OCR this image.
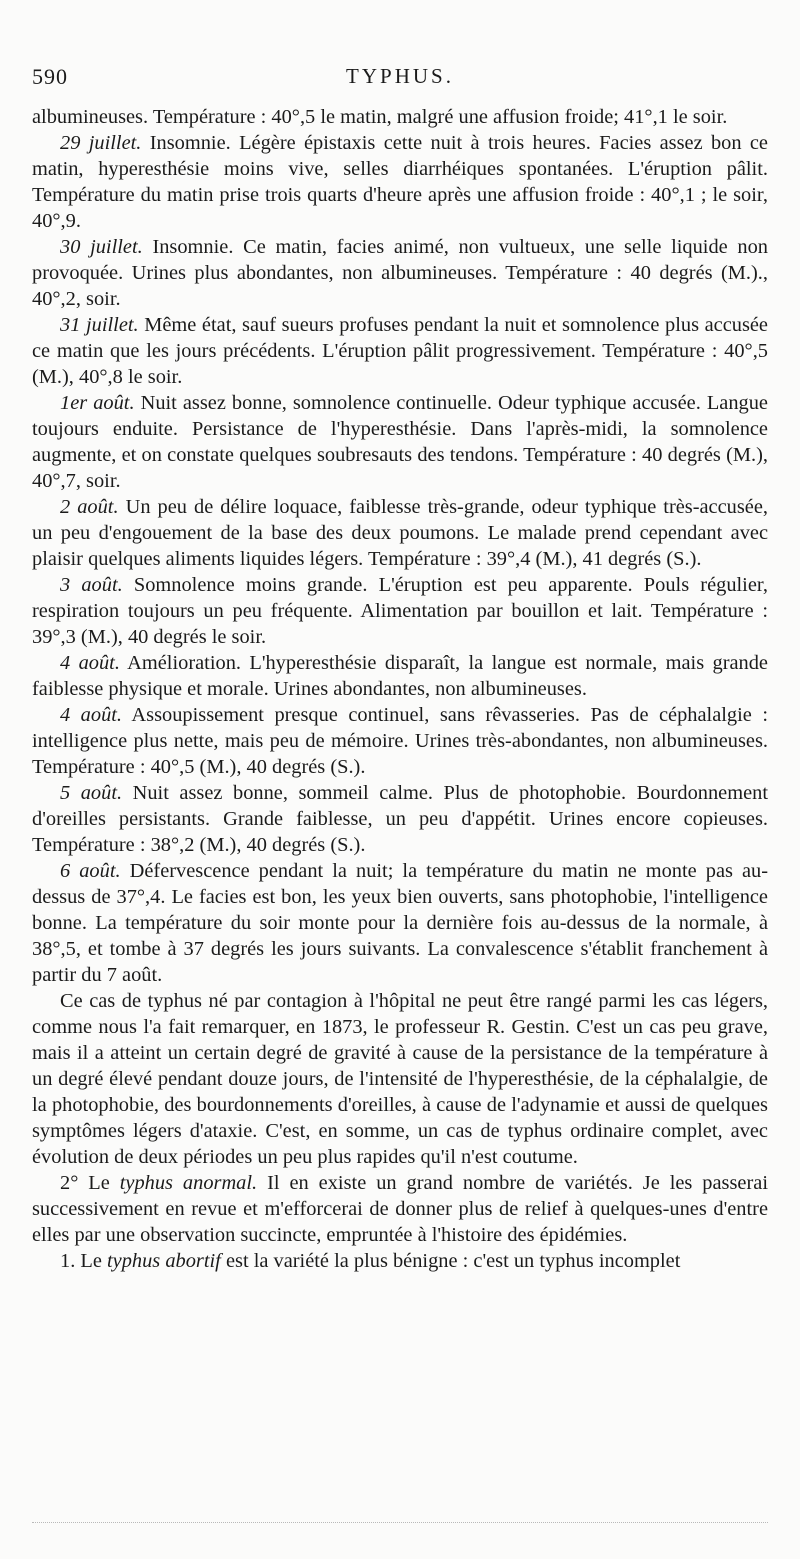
590	TYPHUS.

albumineuses. Température : 40°,5 le matin, malgré une affusion froide; 41°,1 le soir.

29 juillet. Insomnie. Légère épistaxis cette nuit à trois heures. Facies assez bon ce matin, hyperesthésie moins vive, selles diarrhéiques spontanées. L'éruption pâlit. Température du matin prise trois quarts d'heure après une affusion froide : 40°,1 ; le soir, 40°,9.

30 juillet. Insomnie. Ce matin, facies animé, non vultueux, une selle liquide non provoquée. Urines plus abondantes, non albumineuses. Température : 40 degrés (M.)., 40°,2, soir.

31 juillet. Même état, sauf sueurs profuses pendant la nuit et somnolence plus accusée ce matin que les jours précédents. L'éruption pâlit progressivement. Température : 40°,5 (M.), 40°,8 le soir.

1er août. Nuit assez bonne, somnolence continuelle. Odeur typhique accusée. Langue toujours enduite. Persistance de l'hyperesthésie. Dans l'après-midi, la somnolence augmente, et on constate quelques soubresauts des tendons. Température : 40 degrés (M.), 40°,7, soir.

2 août. Un peu de délire loquace, faiblesse très-grande, odeur typhique très-accusée, un peu d'engouement de la base des deux poumons. Le malade prend cependant avec plaisir quelques aliments liquides légers. Température : 39°,4 (M.), 41 degrés (S.).

3 août. Somnolence moins grande. L'éruption est peu apparente. Pouls régulier, respiration toujours un peu fréquente. Alimentation par bouillon et lait. Température : 39°,3 (M.), 40 degrés le soir.

4 août. Amélioration. L'hyperesthésie disparaît, la langue est normale, mais grande faiblesse physique et morale. Urines abondantes, non albumineuses.

4 août. Assoupissement presque continuel, sans rêvasseries. Pas de céphalalgie : intelligence plus nette, mais peu de mémoire. Urines très-abondantes, non albumineuses. Température : 40°,5 (M.), 40 degrés (S.).

5 août. Nuit assez bonne, sommeil calme. Plus de photophobie. Bourdonnement d'oreilles persistants. Grande faiblesse, un peu d'appétit. Urines encore copieuses. Température : 38°,2 (M.), 40 degrés (S.).

6 août. Défervescence pendant la nuit; la température du matin ne monte pas au-dessus de 37°,4. Le facies est bon, les yeux bien ouverts, sans photophobie, l'intelligence bonne. La température du soir monte pour la dernière fois au-dessus de la normale, à 38°,5, et tombe à 37 degrés les jours suivants. La convalescence s'établit franchement à partir du 7 août.

Ce cas de typhus né par contagion à l'hôpital ne peut être rangé parmi les cas légers, comme nous l'a fait remarquer, en 1873, le professeur R. Gestin. C'est un cas peu grave, mais il a atteint un certain degré de gravité à cause de la persistance de la température à un degré élevé pendant douze jours, de l'intensité de l'hyperesthésie, de la céphalalgie, de la photophobie, des bourdonnements d'oreilles, à cause de l'adynamie et aussi de quelques symptômes légers d'ataxie. C'est, en somme, un cas de typhus ordinaire complet, avec évolution de deux périodes un peu plus rapides qu'il n'est coutume.

2° Le typhus anormal. Il en existe un grand nombre de variétés. Je les passerai successivement en revue et m'efforcerai de donner plus de relief à quelques-unes d'entre elles par une observation succincte, empruntée à l'histoire des épidémies.

1. Le typhus abortif est la variété la plus bénigne : c'est un typhus incomplet
